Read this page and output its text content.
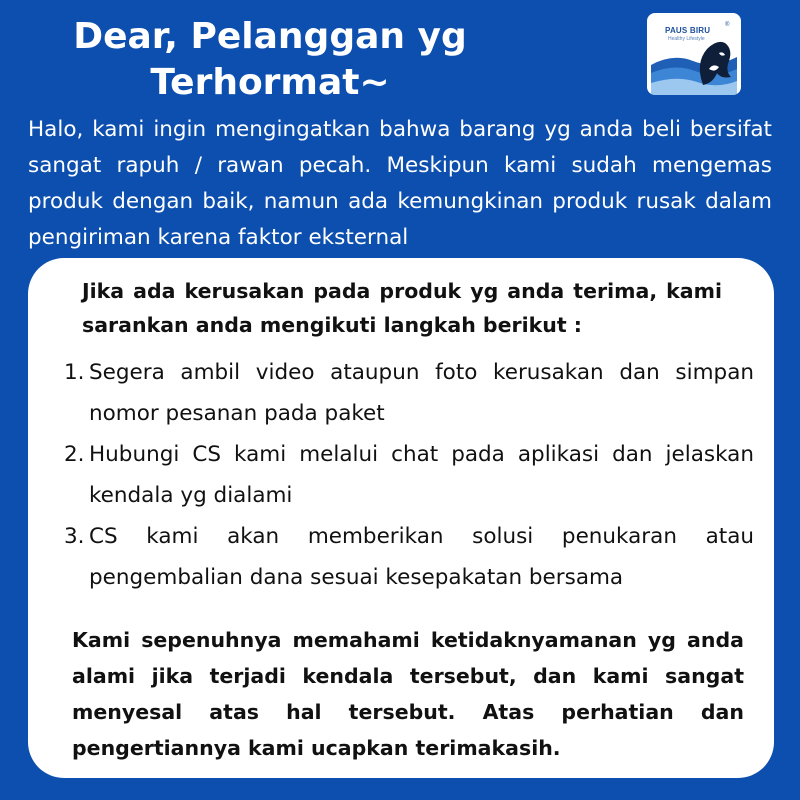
Dear, Pelanggan yg
Terhormat~
PAUS BIRU
Healthy Lifestyle
®
Halo, kami ingin mengingatkan bahwa barang yg anda beli bersifat sangat rapuh / rawan pecah. Meskipun kami sudah mengemas produk dengan baik, namun ada kemungkinan produk rusak dalam pengiriman karena faktor eksternal
Jika ada kerusakan pada produk yg anda terima, kami sarankan anda mengikuti langkah berikut :
1. Segera ambil video ataupun foto kerusakan dan simpan nomor pesanan pada paket
2. Hubungi CS kami melalui chat pada aplikasi dan jelaskan kendala yg dialami
3. CS kami akan memberikan solusi penukaran atau pengembalian dana sesuai kesepakatan bersama
Kami sepenuhnya memahami ketidaknyamanan yg anda alami jika terjadi kendala tersebut, dan kami sangat menyesal atas hal tersebut. Atas perhatian dan pengertiannya kami ucapkan terimakasih.
